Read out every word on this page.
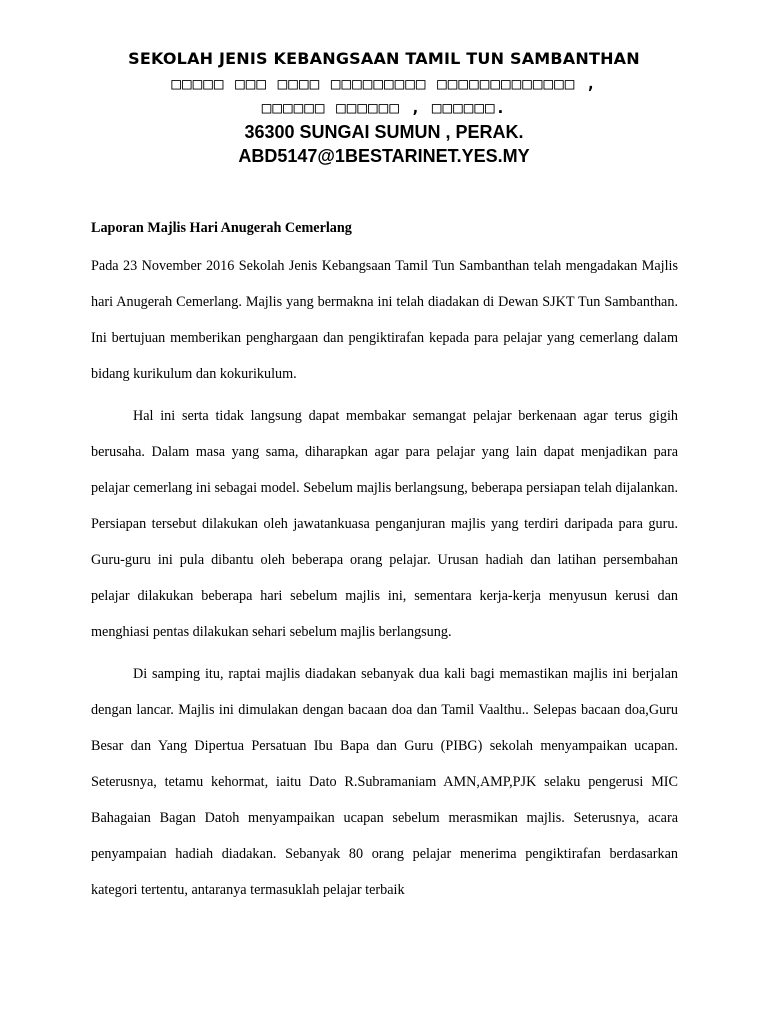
SEKOLAH JENIS KEBANGSAAN TAMIL TUN SAMBANTHAN
□□□□□ □□□ □□□□ □□□□□□□□□ □□□□□□□□□□□□□ ,
□□□□□□ □□□□□□ , □□□□□□.
36300 SUNGAI SUMUN , PERAK.
ABD5147@1BESTARINET.YES.MY
Laporan Majlis Hari Anugerah Cemerlang

Pada 23 November 2016 Sekolah Jenis Kebangsaan Tamil Tun Sambanthan telah mengadakan Majlis hari Anugerah Cemerlang. Majlis yang bermakna ini telah diadakan di Dewan SJKT Tun Sambanthan. Ini bertujuan memberikan penghargaan dan pengiktirafan kepada para pelajar yang cemerlang dalam bidang kurikulum dan kokurikulum.

Hal ini serta tidak langsung dapat membakar semangat pelajar berkenaan agar terus gigih berusaha. Dalam masa yang sama, diharapkan agar para pelajar yang lain dapat menjadikan para pelajar cemerlang ini sebagai model. Sebelum majlis berlangsung, beberapa persiapan telah dijalankan. Persiapan tersebut dilakukan oleh jawatankuasa penganjuran majlis yang terdiri daripada para guru. Guru-guru ini pula dibantu oleh beberapa orang pelajar. Urusan hadiah dan latihan persembahan pelajar dilakukan beberapa hari sebelum majlis ini, sementara kerja-kerja menyusun kerusi dan menghiasi pentas dilakukan sehari sebelum majlis berlangsung.

Di samping itu, raptai majlis diadakan sebanyak dua kali bagi memastikan majlis ini berjalan dengan lancar. Majlis ini dimulakan dengan bacaan doa dan Tamil Vaalthu.. Selepas bacaan doa,Guru Besar dan Yang Dipertua Persatuan Ibu Bapa dan Guru (PIBG) sekolah menyampaikan ucapan. Seterusnya, tetamu kehormat, iaitu Dato R.Subramaniam AMN,AMP,PJK selaku pengerusi MIC Bahagaian Bagan Datoh menyampaikan ucapan sebelum merasmikan majlis. Seterusnya, acara penyampaian hadiah diadakan. Sebanyak 80 orang pelajar menerima pengiktirafan berdasarkan kategori tertentu, antaranya termasuklah pelajar terbaik
